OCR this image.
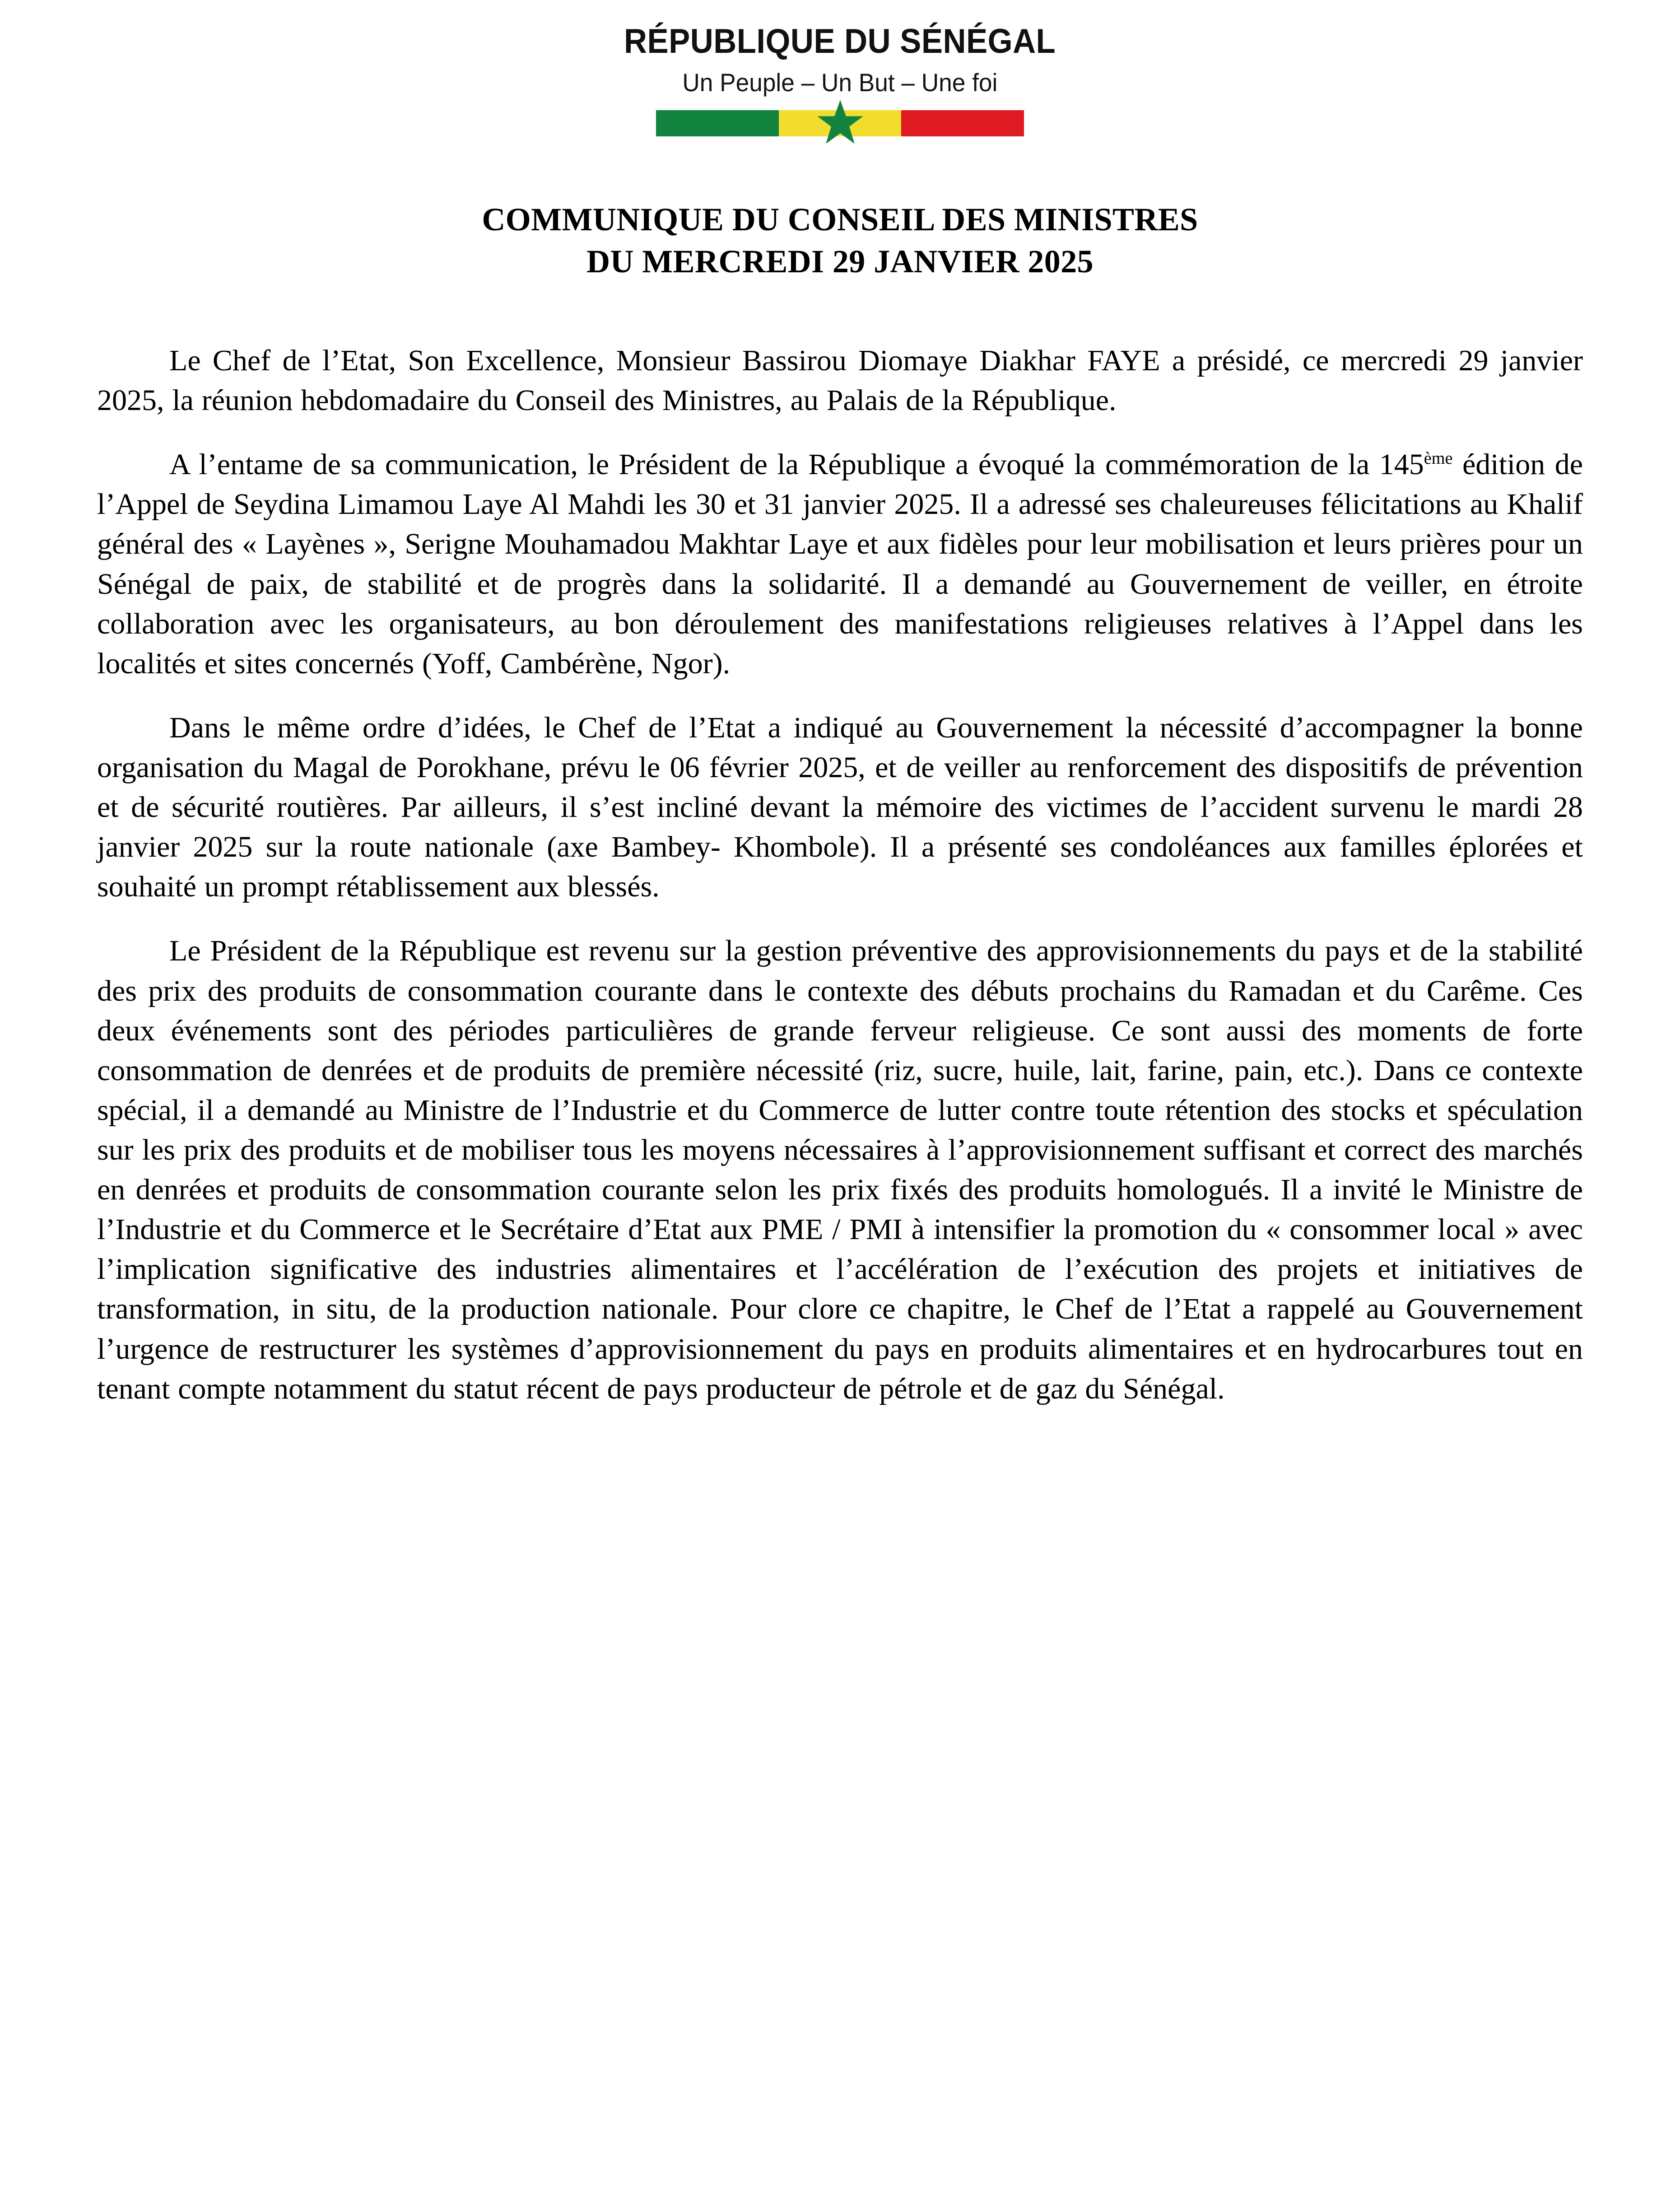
RÉPUBLIQUE DU SÉNÉGAL
Un Peuple – Un But – Une foi
COMMUNIQUE DU CONSEIL DES MINISTRES
DU MERCREDI 29 JANVIER 2025

Le Chef de l’Etat, Son Excellence, Monsieur Bassirou Diomaye Diakhar FAYE a présidé, ce mercredi 29 janvier 2025, la réunion hebdomadaire du Conseil des Ministres, au Palais de la République.

A l’entame de sa communication, le Président de la République a évoqué la commémoration de la 145ème édition de l’Appel de Seydina Limamou Laye Al Mahdi les 30 et 31 janvier 2025. Il a adressé ses chaleureuses félicitations au Khalif général des « Layènes », Serigne Mouhamadou Makhtar Laye et aux fidèles pour leur mobilisation et leurs prières pour un Sénégal de paix, de stabilité et de progrès dans la solidarité. Il a demandé au Gouvernement de veiller, en étroite collaboration avec les organisateurs, au bon déroulement des manifestations religieuses relatives à l’Appel dans les localités et sites concernés (Yoff, Cambérène, Ngor).

Dans le même ordre d’idées, le Chef de l’Etat a indiqué au Gouvernement la nécessité d’accompagner la bonne organisation du Magal de Porokhane, prévu le 06 février 2025, et de veiller au renforcement des dispositifs de prévention et de sécurité routières. Par ailleurs, il s’est incliné devant la mémoire des victimes de l’accident survenu le mardi 28 janvier 2025 sur la route nationale (axe Bambey- Khombole). Il a présenté ses condoléances aux familles éplorées et souhaité un prompt rétablissement aux blessés.

Le Président de la République est revenu sur la gestion préventive des approvisionnements du pays et de la stabilité des prix des produits de consommation courante dans le contexte des débuts prochains du Ramadan et du Carême. Ces deux événements sont des périodes particulières de grande ferveur religieuse. Ce sont aussi des moments de forte consommation de denrées et de produits de première nécessité (riz, sucre, huile, lait, farine, pain, etc.). Dans ce contexte spécial, il a demandé au Ministre de l’Industrie et du Commerce de lutter contre toute rétention des stocks et spéculation sur les prix des produits et de mobiliser tous les moyens nécessaires à l’approvisionnement suffisant et correct des marchés en denrées et produits de consommation courante selon les prix fixés des produits homologués. Il a invité le Ministre de l’Industrie et du Commerce et le Secrétaire d’Etat aux PME / PMI à intensifier la promotion du « consommer local » avec l’implication significative des industries alimentaires et l’accélération de l’exécution des projets et initiatives de transformation, in situ, de la production nationale. Pour clore ce chapitre, le Chef de l’Etat a rappelé au Gouvernement l’urgence de restructurer les systèmes d’approvisionnement du pays en produits alimentaires et en hydrocarbures tout en tenant compte notamment du statut récent de pays producteur de pétrole et de gaz du Sénégal.
